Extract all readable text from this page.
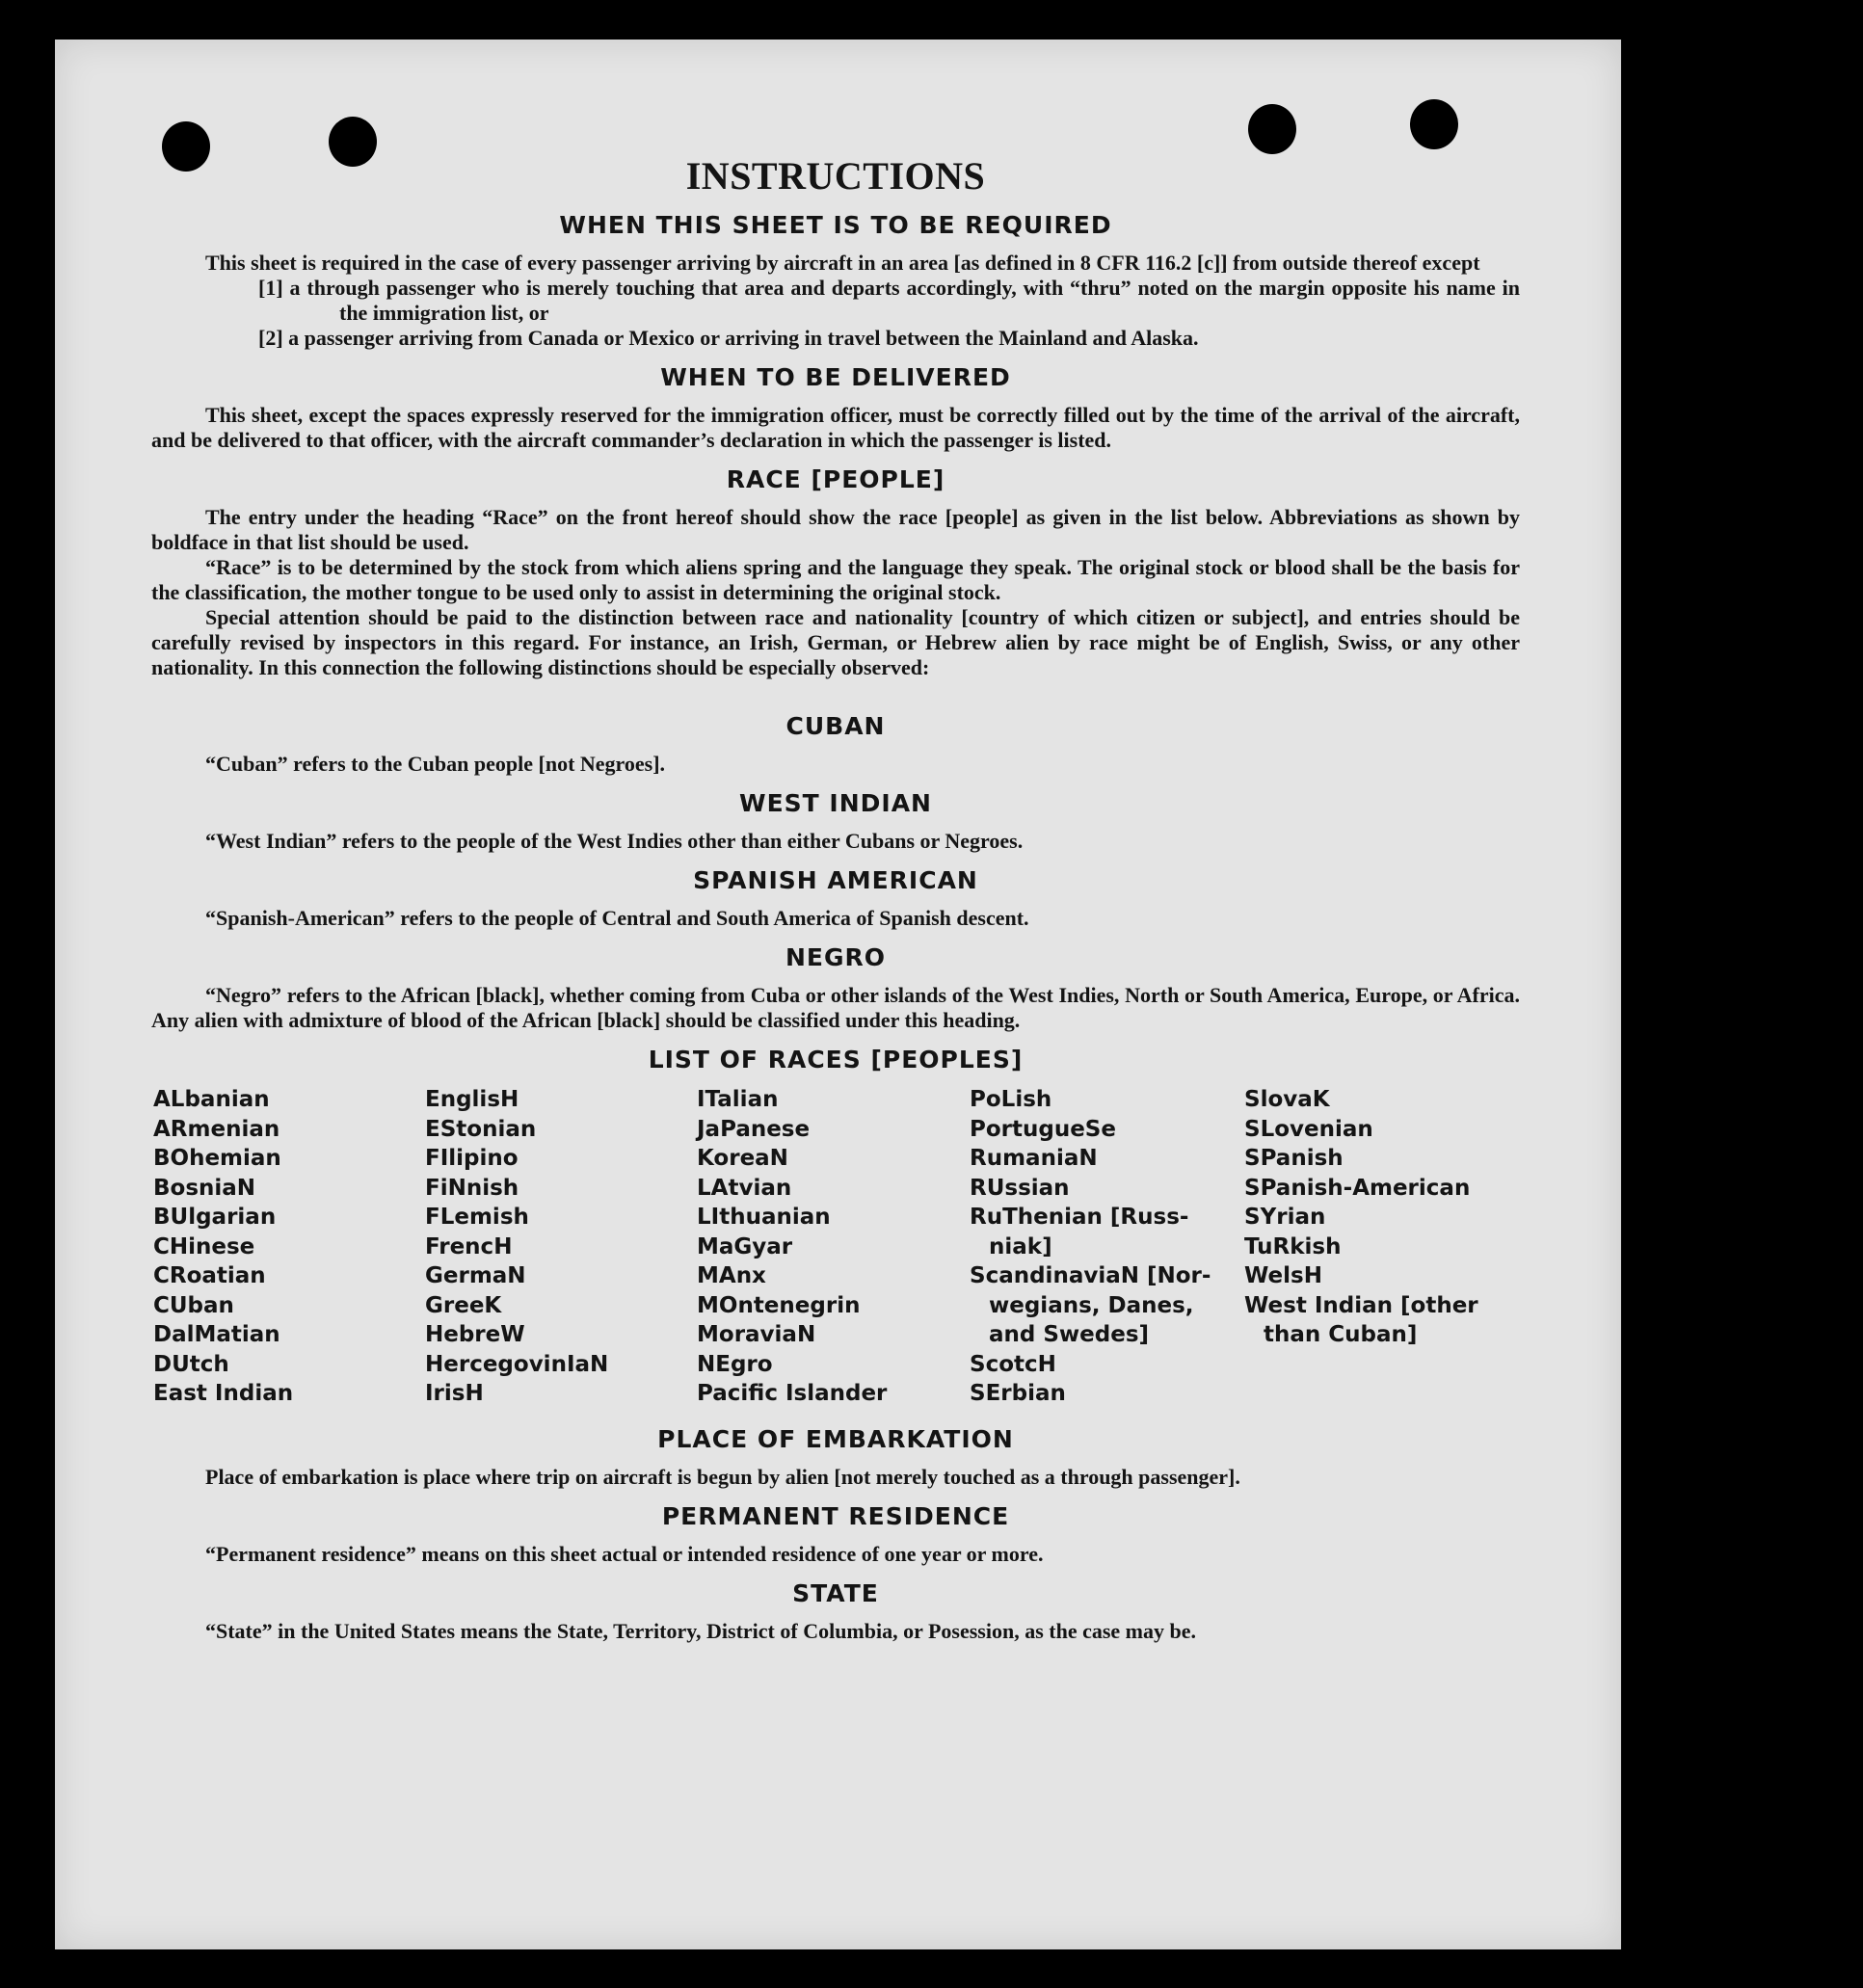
INSTRUCTIONS
WHEN THIS SHEET IS TO BE REQUIRED

This sheet is required in the case of every passenger arriving by aircraft in an area [as defined in 8 CFR 116.2 [c]] from outside thereof except

[1] a through passenger who is merely touching that area and departs accordingly, with “thru” noted on the margin opposite his name in the immigration list, or
[2] a passenger arriving from Canada or Mexico or arriving in travel between the Mainland and Alaska.
WHEN TO BE DELIVERED

This sheet, except the spaces expressly reserved for the immigration officer, must be correctly filled out by the time of the arrival of the aircraft, and be delivered to that officer, with the aircraft commander’s declaration in which the passenger is listed.

RACE [PEOPLE]

The entry under the heading “Race” on the front hereof should show the race [people] as given in the list below. Abbreviations as shown by boldface in that list should be used.

“Race” is to be determined by the stock from which aliens spring and the language they speak. The original stock or blood shall be the basis for the classification, the mother tongue to be used only to assist in determining the original stock.

Special attention should be paid to the distinction between race and nationality [country of which citizen or subject], and entries should be carefully revised by inspectors in this regard. For instance, an Irish, German, or Hebrew alien by race might be of English, Swiss, or any other nationality. In this connection the following distinctions should be especially observed:

CUBAN

“Cuban” refers to the Cuban people [not Negroes].

WEST INDIAN

“West Indian” refers to the people of the West Indies other than either Cubans or Negroes.

SPANISH AMERICAN

“Spanish-American” refers to the people of Central and South America of Spanish descent.

NEGRO

“Negro” refers to the African [black], whether coming from Cuba or other islands of the West Indies, North or South America, Europe, or Africa. Any alien with admixture of blood of the African [black] should be classified under this heading.

LIST OF RACES [PEOPLES]
ALbanian
ARmenian
BOhemian
BosniaN
BUlgarian
CHinese
CRoatian
CUban
DalMatian
DUtch
East Indian
EnglisH
EStonian
FIlipino
FiNnish
FLemish
FrencH
GermaN
GreeK
HebreW
HercegovinIaN
IrisH
ITalian
JaPanese
KoreaN
LAtvian
LIthuanian
MaGyar
MAnx
MOntenegrin
MoraviaN
NEgro
Pacific Islander
PoLish
PortugueSe
RumaniaN
RUssian
RuThenian [Russ-
niak]
ScandinaviaN [Nor-
wegians, Danes,
and Swedes]
ScotcH
SErbian
SlovaK
SLovenian
SPanish
SPanish-American
SYrian
TuRkish
WelsH
West Indian [other
than Cuban]
PLACE OF EMBARKATION

Place of embarkation is place where trip on aircraft is begun by alien [not merely touched as a through passenger].

PERMANENT RESIDENCE

“Permanent residence” means on this sheet actual or intended residence of one year or more.

STATE

“State” in the United States means the State, Territory, District of Columbia, or Posession, as the case may be.
